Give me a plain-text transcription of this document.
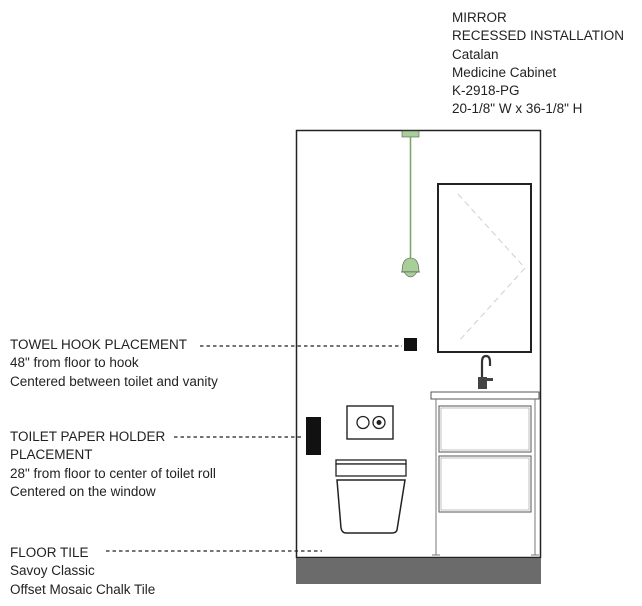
MIRROR
RECESSED INSTALLATION
Catalan
Medicine Cabinet
K-2918-PG
20-1/8" W x 36-1/8" H
TOWEL HOOK PLACEMENT
48" from floor to hook
Centered between toilet and vanity
TOILET PAPER HOLDER
PLACEMENT
28" from floor to center of toilet roll
Centered on the window
FLOOR TILE
Savoy Classic
Offset Mosaic Chalk Tile
